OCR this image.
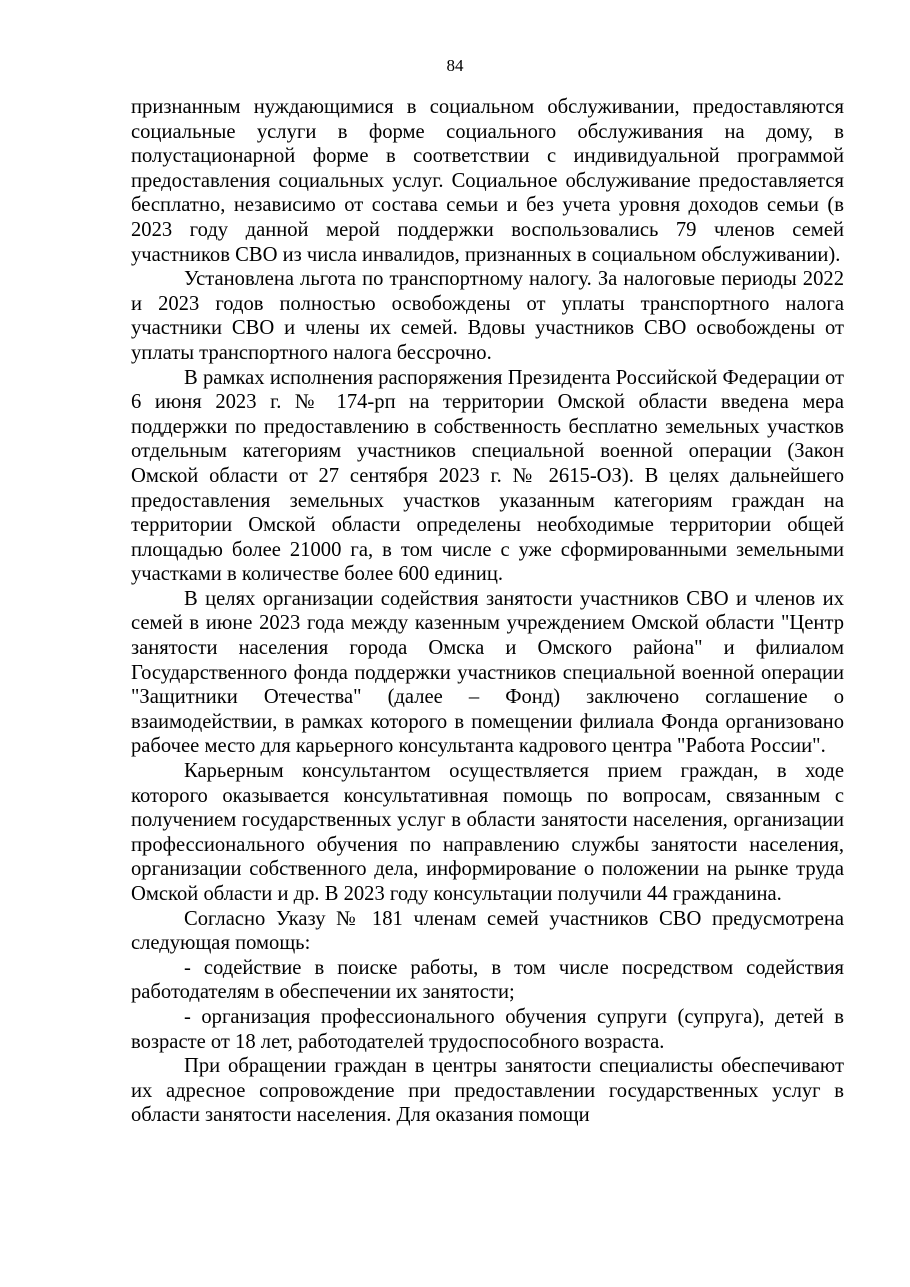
84

признанным нуждающимися в социальном обслуживании, предоставляются социальные услуги в форме социального обслуживания на дому, в полустационарной форме в соответствии с индивидуальной программой предоставления социальных услуг. Социальное обслуживание предоставляется бесплатно, независимо от состава семьи и без учета уровня доходов семьи (в 2023 году данной мерой поддержки воспользовались 79 членов семей участников СВО из числа инвалидов, признанных в социальном обслуживании).

Установлена льгота по транспортному налогу. За налоговые периоды 2022 и 2023 годов полностью освобождены от уплаты транспортного налога участники СВО и члены их семей. Вдовы участников СВО освобождены от уплаты транспортного налога бессрочно.

В рамках исполнения распоряжения Президента Российской Федерации от 6 июня 2023 г. № 174-рп на территории Омской области введена мера поддержки по предоставлению в собственность бесплатно земельных участков отдельным категориям участников специальной военной операции (Закон Омской области от 27 сентября 2023 г. № 2615-ОЗ). В целях дальнейшего предоставления земельных участков указанным категориям граждан на территории Омской области определены необходимые территории общей площадью более 21000 га, в том числе с уже сформированными земельными участками в количестве более 600 единиц.

В целях организации содействия занятости участников СВО и членов их семей в июне 2023 года между казенным учреждением Омской области "Центр занятости населения города Омска и Омского района" и филиалом Государственного фонда поддержки участников специальной военной операции "Защитники Отечества" (далее – Фонд) заключено соглашение о взаимодействии, в рамках которого в помещении филиала Фонда организовано рабочее место для карьерного консультанта кадрового центра "Работа России".

Карьерным консультантом осуществляется прием граждан, в ходе которого оказывается консультативная помощь по вопросам, связанным с получением государственных услуг в области занятости населения, организации профессионального обучения по направлению службы занятости населения, организации собственного дела, информирование о положении на рынке труда Омской области и др. В 2023 году консультации получили 44 гражданина.

Согласно Указу № 181 членам семей участников СВО предусмотрена следующая помощь:

- содействие в поиске работы, в том числе посредством содействия работодателям в обеспечении их занятости;

- организация профессионального обучения супруги (супруга), детей в возрасте от 18 лет, работодателей трудоспособного возраста.

При обращении граждан в центры занятости специалисты обеспечивают их адресное сопровождение при предоставлении государственных услуг в области занятости населения. Для оказания помощи
